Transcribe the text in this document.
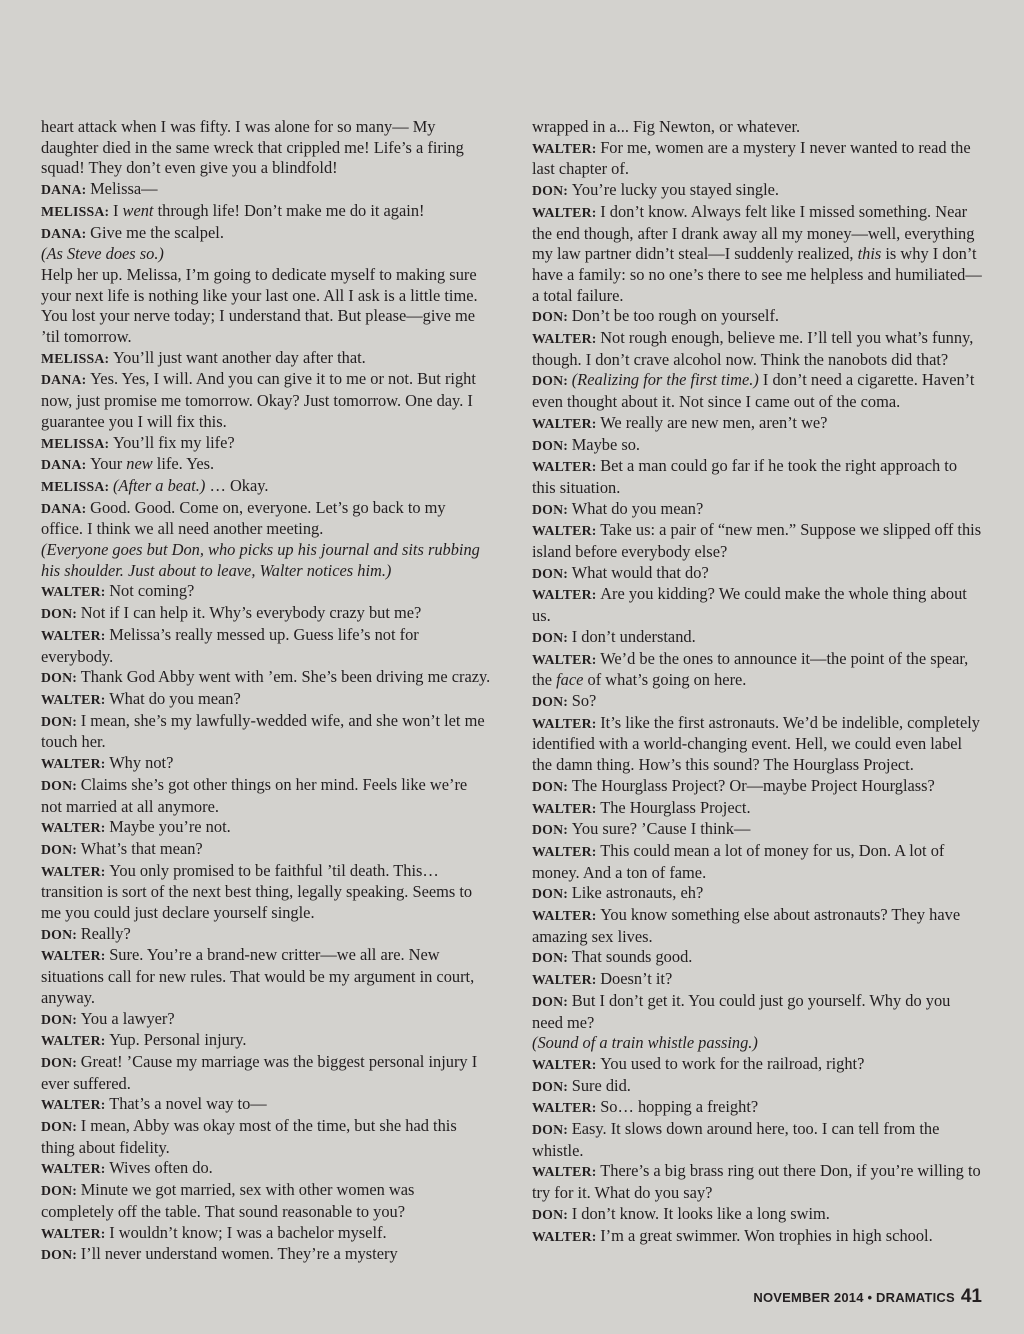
heart attack when I was fifty. I was alone for so many— My daughter died in the same wreck that crippled me! Life’s a firing squad! They don’t even give you a blindfold!

DANA: Melissa—

MELISSA: I went through life! Don’t make me do it again!

DANA: Give me the scalpel.

(As Steve does so.)

Help her up. Melissa, I’m going to dedicate myself to making sure your next life is nothing like your last one. All I ask is a little time. You lost your nerve today; I understand that. But please—give me ’til tomorrow.

MELISSA: You’ll just want another day after that.

DANA: Yes. Yes, I will. And you can give it to me or not. But right now, just promise me tomorrow. Okay? Just tomorrow. One day. I guarantee you I will fix this.

MELISSA: You’ll fix my life?

DANA: Your new life. Yes.

MELISSA: (After a beat.) … Okay.

DANA: Good. Good. Come on, everyone. Let’s go back to my office. I think we all need another meeting.

(Everyone goes but Don, who picks up his journal and sits rubbing his shoulder. Just about to leave, Walter notices him.)

WALTER: Not coming?

DON: Not if I can help it. Why’s everybody crazy but me?

WALTER: Melissa’s really messed up. Guess life’s not for everybody.

DON: Thank God Abby went with ’em. She’s been driving me crazy.

WALTER: What do you mean?

DON: I mean, she’s my lawfully-wedded wife, and she won’t let me touch her.

WALTER: Why not?

DON: Claims she’s got other things on her mind. Feels like we’re not married at all anymore.

WALTER: Maybe you’re not.

DON: What’s that mean?

WALTER: You only promised to be faithful ’til death. This… transition is sort of the next best thing, legally speaking. Seems to me you could just declare yourself single.

DON: Really?

WALTER: Sure. You’re a brand-new critter—we all are. New situations call for new rules. That would be my argument in court, anyway.

DON: You a lawyer?

WALTER: Yup. Personal injury.

DON: Great! ’Cause my marriage was the biggest personal injury I ever suffered.

WALTER: That’s a novel way to—

DON: I mean, Abby was okay most of the time, but she had this thing about fidelity.

WALTER: Wives often do.

DON: Minute we got married, sex with other women was completely off the table. That sound reasonable to you?

WALTER: I wouldn’t know; I was a bachelor myself.

DON: I’ll never understand women. They’re a mystery

wrapped in a... Fig Newton, or whatever.

WALTER: For me, women are a mystery I never wanted to read the last chapter of.

DON: You’re lucky you stayed single.

WALTER: I don’t know. Always felt like I missed something. Near the end though, after I drank away all my money—well, everything my law partner didn’t steal—I suddenly realized, this is why I don’t have a family: so no one’s there to see me helpless and humiliated—a total failure.

DON: Don’t be too rough on yourself.

WALTER: Not rough enough, believe me. I’ll tell you what’s funny, though. I don’t crave alcohol now. Think the nanobots did that?

DON: (Realizing for the first time.) I don’t need a cigarette. Haven’t even thought about it. Not since I came out of the coma.

WALTER: We really are new men, aren’t we?

DON: Maybe so.

WALTER: Bet a man could go far if he took the right approach to this situation.

DON: What do you mean?

WALTER: Take us: a pair of “new men.” Suppose we slipped off this island before everybody else?

DON: What would that do?

WALTER: Are you kidding? We could make the whole thing about us.

DON: I don’t understand.

WALTER: We’d be the ones to announce it—the point of the spear, the face of what’s going on here.

DON: So?

WALTER: It’s like the first astronauts. We’d be indelible, completely identified with a world-changing event. Hell, we could even label the damn thing. How’s this sound? The Hourglass Project.

DON: The Hourglass Project? Or—maybe Project Hourglass?

WALTER: The Hourglass Project.

DON: You sure? ’Cause I think—

WALTER: This could mean a lot of money for us, Don. A lot of money. And a ton of fame.

DON: Like astronauts, eh?

WALTER: You know something else about astronauts? They have amazing sex lives.

DON: That sounds good.

WALTER: Doesn’t it?

DON: But I don’t get it. You could just go yourself. Why do you need me?

(Sound of a train whistle passing.)

WALTER: You used to work for the railroad, right?

DON: Sure did.

WALTER: So… hopping a freight?

DON: Easy. It slows down around here, too. I can tell from the whistle.

WALTER: There’s a big brass ring out there Don, if you’re willing to try for it. What do you say?

DON: I don’t know. It looks like a long swim.

WALTER: I’m a great swimmer. Won trophies in high school.

NOVEMBER 2014 • DRAMATICS 41
